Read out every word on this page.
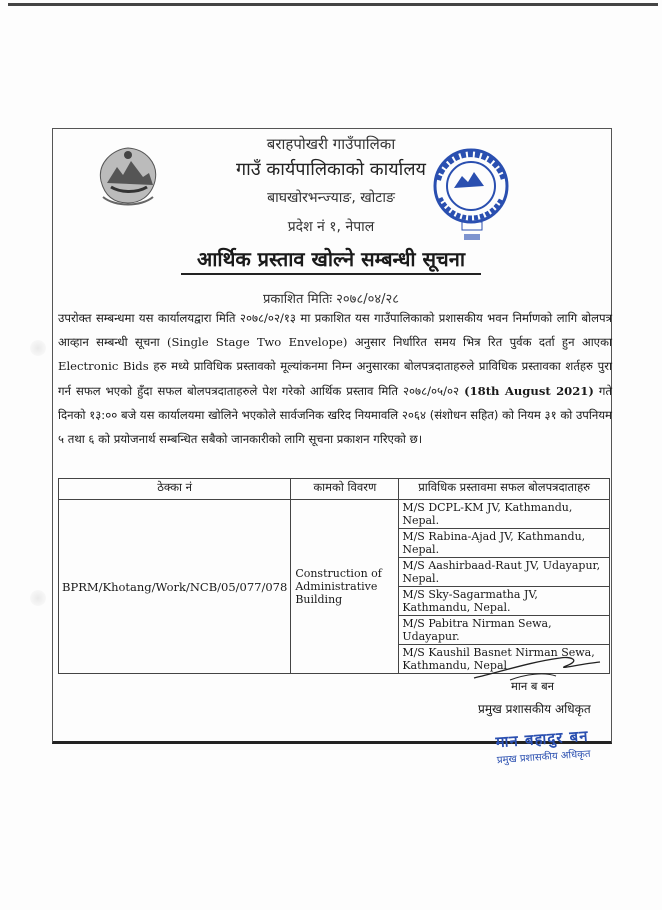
बराहपोखरी गाउँपालिका
गाउँ कार्यपालिकाको कार्यालय
बाघखोरभन्ज्याङ, खोटाङ
प्रदेश नं १, नेपाल
आर्थिक प्रस्ताव खोल्ने सम्बन्धी सूचना
प्रकाशित मितिः २०७८/०४/२८
उपरोक्त सम्बन्धमा यस कार्यालयद्वारा मिति २०७८/०२/१३ मा प्रकाशित यस गाउँपालिकाको प्रशासकीय भवन निर्माणको लागि बोलपत्र आव्हान सम्बन्धी सूचना (Single Stage Two Envelope) अनुसार निर्धारित समय भित्र रित पुर्वक दर्ता हुन आएका Electronic Bids हरु मध्ये प्राविधिक प्रस्तावको मूल्यांकनमा निम्न अनुसारका बोलपत्रदाताहरुले प्राविधिक प्रस्तावका शर्तहरु पुरा गर्न सफल भएको हुँदा सफल बोलपत्रदाताहरुले पेश गरेको आर्थिक प्रस्ताव मिति २०७८/०५/०२ (18th August 2021) गते दिनको १३:०० बजे यस कार्यालयमा खोलिने भएकोले सार्वजनिक खरिद नियमावलि २०६४ (संशोधन सहित) को नियम ३१ को उपनियम ५ तथा ६ को प्रयोजनार्थ सम्बन्धित सबैको जानकारीको लागि सूचना प्रकाशन गरिएको छ।
ठेक्का नं	कामको विवरण	प्राविधिक प्रस्तावमा सफल बोलपत्रदाताहरु
BPRM/Khotang/Work/NCB/05/077/078	Construction of Administrative Building	M/S DCPL-KM JV, Kathmandu, Nepal.
		M/S Rabina-Ajad JV, Kathmandu, Nepal.
		M/S Aashirbaad-Raut JV, Udayapur, Nepal.
		M/S Sky-Sagarmatha JV, Kathmandu, Nepal.
		M/S Pabitra Nirman Sewa, Udayapur.
		M/S Kaushil Basnet Nirman Sewa, Kathmandu, Nepal
मान ब बन
प्रमुख प्रशासकीय अधिकृत
मान बहादुर बन
प्रमुख प्रशासकीय अधिकृत
